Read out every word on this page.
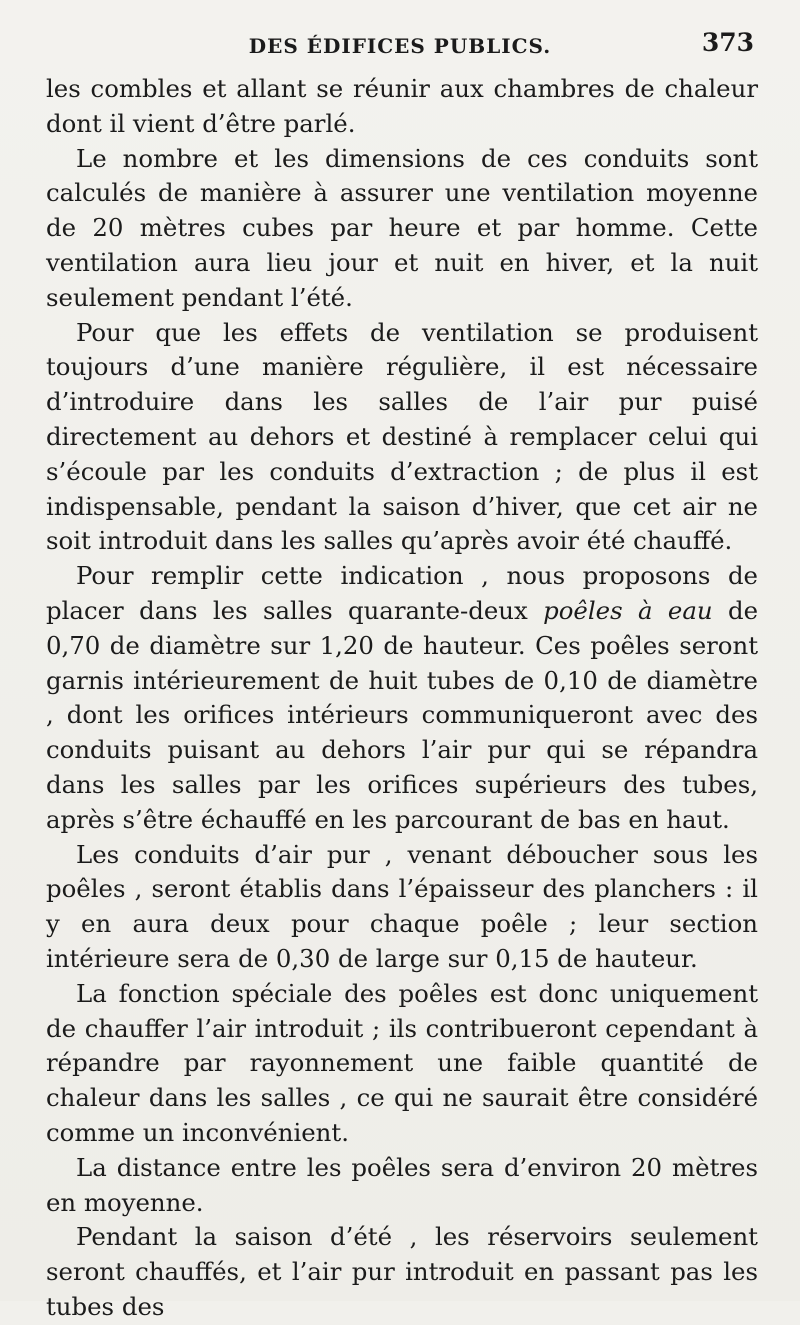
DES ÉDIFICES PUBLICS.	373

les combles et allant se réunir aux chambres de chaleur dont il vient d’être parlé.

Le nombre et les dimensions de ces conduits sont calculés de manière à assurer une ventilation moyenne de 20 mètres cubes par heure et par homme. Cette ventilation aura lieu jour et nuit en hiver, et la nuit seulement pendant l’été.

Pour que les effets de ventilation se produisent toujours d’une manière régulière, il est nécessaire d’introduire dans les salles de l’air pur puisé directement au dehors et destiné à remplacer celui qui s’écoule par les conduits d’extraction ; de plus il est indispensable, pendant la saison d’hiver, que cet air ne soit introduit dans les salles qu’après avoir été chauffé.

Pour remplir cette indication , nous proposons de placer dans les salles quarante-deux poêles à eau de 0,70 de diamètre sur 1,20 de hauteur. Ces poêles seront garnis intérieurement de huit tubes de 0,10 de diamètre , dont les orifices intérieurs communiqueront avec des conduits puisant au dehors l’air pur qui se répandra dans les salles par les orifices supérieurs des tubes, après s’être échauffé en les parcourant de bas en haut.

Les conduits d’air pur , venant déboucher sous les poêles , seront établis dans l’épaisseur des planchers : il y en aura deux pour chaque poêle ; leur section intérieure sera de 0,30 de large sur 0,15 de hauteur.

La fonction spéciale des poêles est donc uniquement de chauffer l’air introduit ; ils contribueront cependant à répandre par rayonnement une faible quantité de chaleur dans les salles , ce qui ne saurait être considéré comme un inconvénient.

La distance entre les poêles sera d’environ 20 mètres en moyenne.

Pendant la saison d’été , les réservoirs seulement seront chauffés, et l’air pur introduit en passant pas les tubes des
